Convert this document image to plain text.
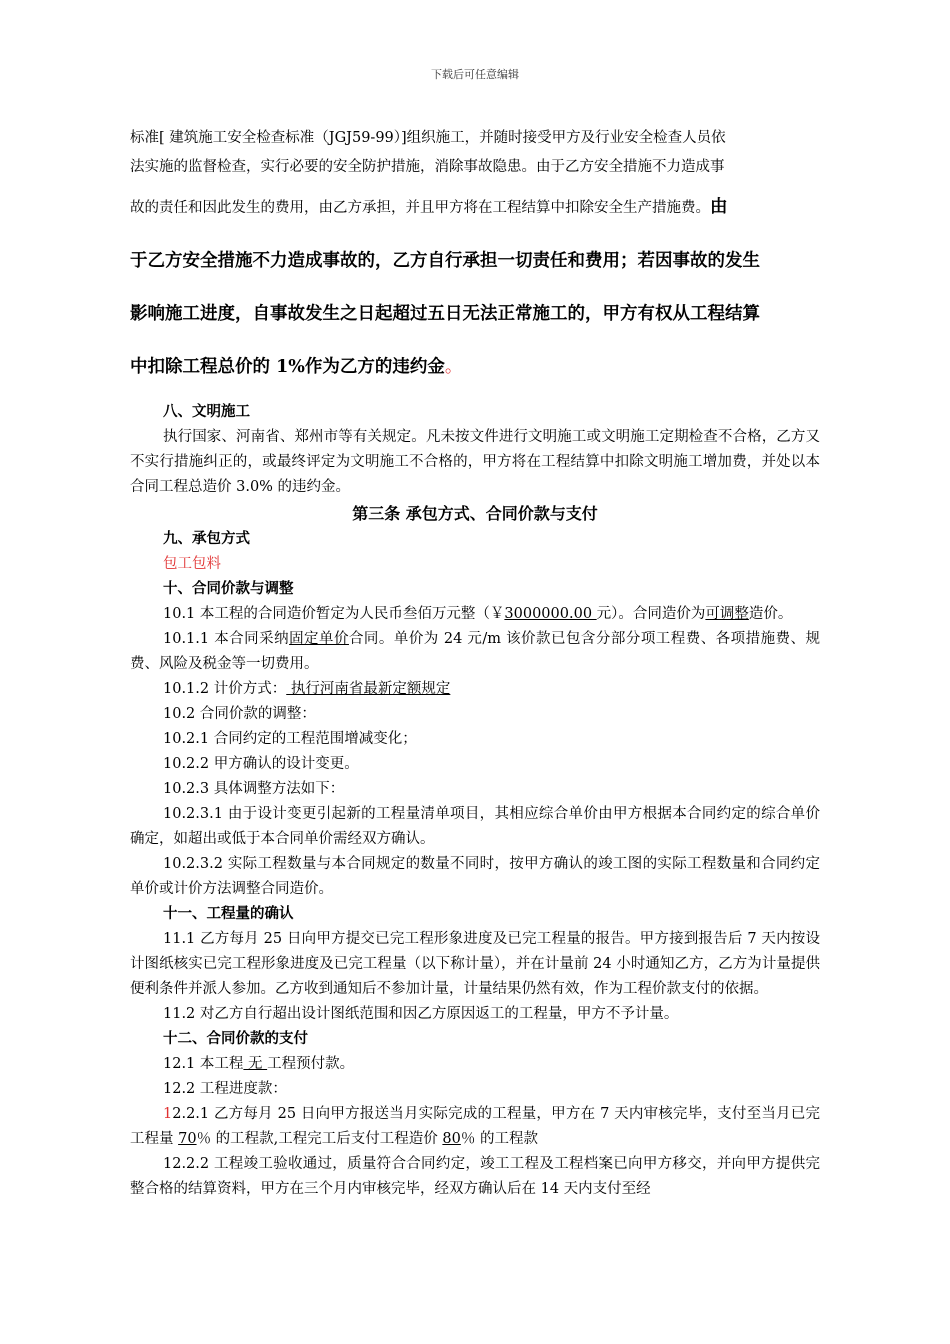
下载后可任意编辑

标准[ 建筑施工安全检查标准（JGJ59-99）]组织施工，并随时接受甲方及行业安全检查人员依

法实施的监督检查，实行必要的安全防护措施，消除事故隐患。由于乙方安全措施不力造成事

故的责任和因此发生的费用，由乙方承担，并且甲方将在工程结算中扣除安全生产措施费。由

于乙方安全措施不力造成事故的，乙方自行承担一切责任和费用；若因事故的发生

影响施工进度，自事故发生之日起超过五日无法正常施工的，甲方有权从工程结算

中扣除工程总价的 1%作为乙方的违约金。

八、文明施工

执行国家、河南省、郑州市等有关规定。凡未按文件进行文明施工或文明施工定期检查不合格，乙方又不实行措施纠正的，或最终评定为文明施工不合格的，甲方将在工程结算中扣除文明施工增加费，并处以本合同工程总造价 3.0% 的违约金。

第三条 承包方式、合同价款与支付

九、承包方式

包工包料

十、合同价款与调整

10.1 本工程的合同造价暂定为人民币叁佰万元整（￥3000000.00 元）。合同造价为可调整造价。

10.1.1 本合同采纳固定单价合同。单价为 24 元/m 该价款已包含分部分项工程费、各项措施费、规费、风险及税金等一切费用。

10.1.2 计价方式： 执行河南省最新定额规定

10.2 合同价款的调整：

10.2.1 合同约定的工程范围增减变化；

10.2.2 甲方确认的设计变更。

10.2.3 具体调整方法如下：

10.2.3.1 由于设计变更引起新的工程量清单项目，其相应综合单价由甲方根据本合同约定的综合单价确定，如超出或低于本合同单价需经双方确认。

10.2.3.2 实际工程数量与本合同规定的数量不同时，按甲方确认的竣工图的实际工程数量和合同约定单价或计价方法调整合同造价。

十一、工程量的确认

11.1 乙方每月 25 日向甲方提交已完工程形象进度及已完工程量的报告。甲方接到报告后 7 天内按设计图纸核实已完工程形象进度及已完工程量（以下称计量），并在计量前 24 小时通知乙方，乙方为计量提供便利条件并派人参加。乙方收到通知后不参加计量，计量结果仍然有效，作为工程价款支付的依据。

11.2 对乙方自行超出设计图纸范围和因乙方原因返工的工程量，甲方不予计量。

十二、合同价款的支付

12.1 本工程 无 工程预付款。

12.2 工程进度款：

12.2.1 乙方每月 25 日向甲方报送当月实际完成的工程量，甲方在 7 天内审核完毕，支付至当月已完工程量 70％ 的工程款,工程完工后支付工程造价 80％ 的工程款

12.2.2 工程竣工验收通过，质量符合合同约定，竣工工程及工程档案已向甲方移交，并向甲方提供完整合格的结算资料，甲方在三个月内审核完毕，经双方确认后在 14 天内支付至经
